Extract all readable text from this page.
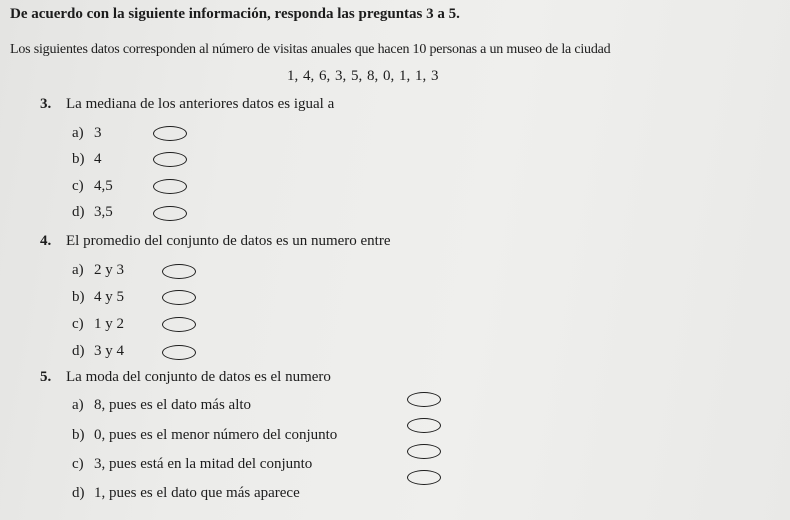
De acuerdo con la siguiente información, responda las preguntas 3 a 5.
Los siguientes datos corresponden al número de visitas anuales que hacen 10 personas a un museo de la ciudad
1, 4, 6, 3, 5, 8, 0, 1, 1, 3
3. La mediana de los anteriores datos es igual a
a) 3
b) 4
c) 4,5
d) 3,5
4. El promedio del conjunto de datos es un numero entre
a) 2 y 3
b) 4 y 5
c) 1 y 2
d) 3 y 4
5. La moda del conjunto de datos es el numero
a) 8, pues es el dato más alto
b) 0, pues es el menor número del conjunto
c) 3, pues está en la mitad del conjunto
d) 1, pues es el dato que más aparece
